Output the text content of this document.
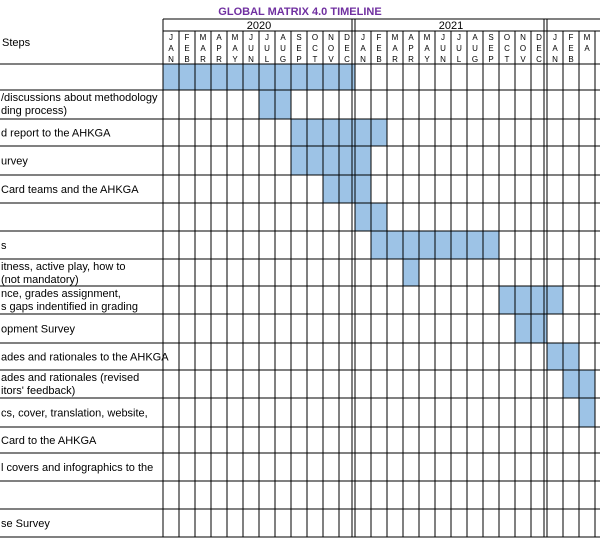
GLOBAL MATRIX 4.0 TIMELINE
2020	2021
J
A
N
F
E
B
M
A
R
A
P
R
M
A
Y
J
U
N
J
U
L
A
U
G
S
E
P
O
C
T
N
O
V
D
E
C
J
A
N
F
E
B
M
A
R
A
P
R
M
A
Y
J
U
N
J
U
L
A
U
G
S
E
P
O
C
T
N
O
V
D
E
C
J
A
N
F
E
B
M
A
Steps
/discussions about methodology
ding process)
d report to the AHKGA
urvey
Card teams and the AHKGA
s
itness, active play, how to
(not mandatory)
nce, grades assignment,
s gaps indentified in grading
opment Survey
ades and rationales to the AHKGA
ades and rationales (revised
itors' feedback)
cs, cover, translation, website,
Card to the AHKGA
l covers and infographics to the
se Survey
